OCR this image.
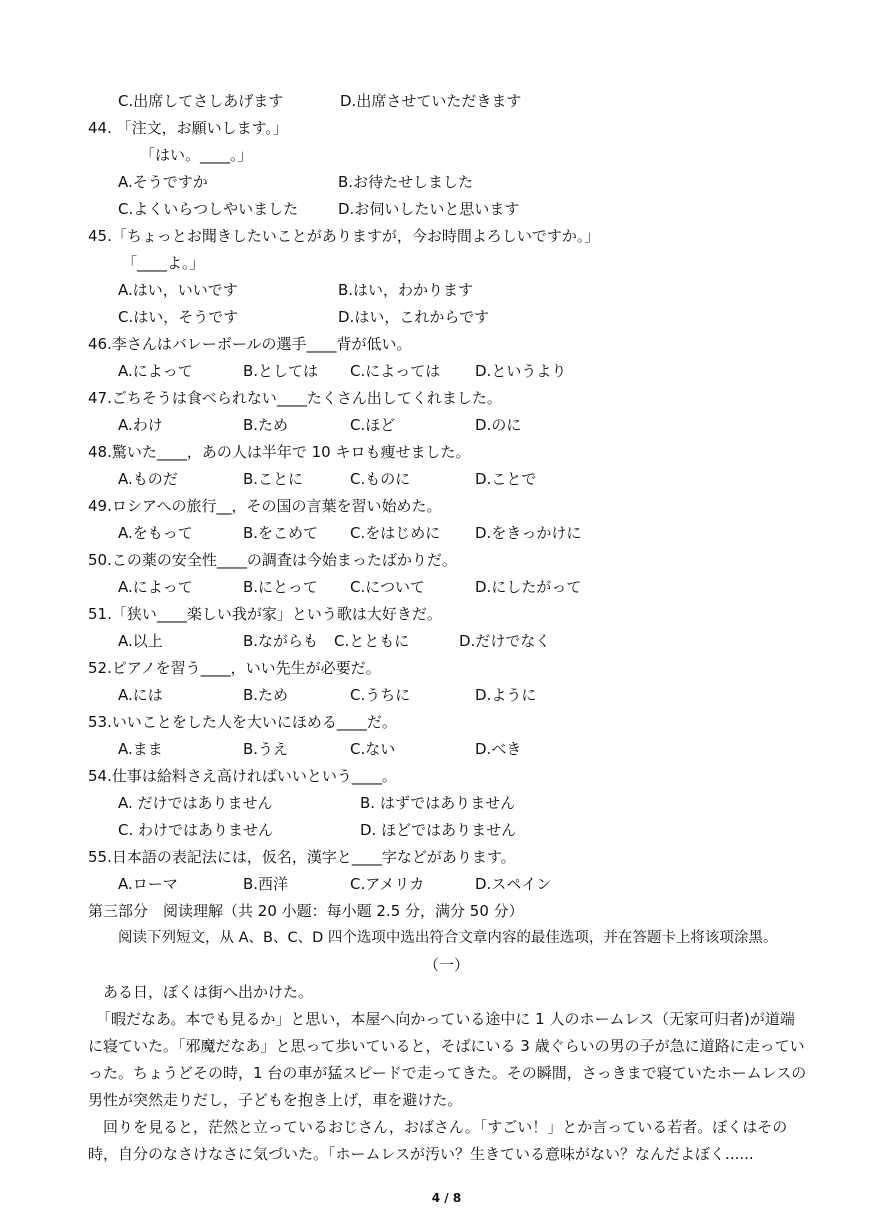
C.出席してさしあげます	D.出席させていただきます
44. 「注文，お願いします。」
「はい。____。」
A.そうですか	B.お待たせしました
C.よくいらつしやいました	D.お伺いしたいと思います
45.「ちょっとお聞きしたいことがありますが，今お時間よろしいですか。」
「____よ。」
A.はい，いいです	B.はい，わかります
C.はい，そうです	D.はい，これからです
46.李さんはバレーボールの選手____背が低い。
A.によって	B.としては C.によっては D.というより
47.ごちそうは食べられない____たくさん出してくれました。
A.わけ	B.ため	C.ほど	D.のに
48.驚いた____，あの人は半年で 10 キロも痩せました。
A.ものだ	B.ことに	C.ものに	D.ことで
49.ロシアへの旅行__，その国の言葉を習い始めた。
A.をもって	B.をこめて C.をはじめに D.をきっかけに
50.この薬の安全性____の調査は今始まったばかりだ。
A.によって	B.にとって C.について	D.にしたがって
51.「狭い____楽しい我が家」という歌は大好きだ。
A.以上	B.ながらも C.とともに	D.だけでなく
52.ピアノを習う____，いい先生が必要だ。
A.には	B.ため	C.うちに	D.ように
53.いいことをした人を大いにほめる____だ。
A.まま	B.うえ	C.ない	D.べき
54.仕事は給料さえ高ければいいという____。
A. だけではありません	B. はずではありません
C. わけではありません	D. ほどではありません
55.日本語の表記法には，仮名，漢字と____字などがあります。
A.ローマ	B.西洋	C.アメリカ	D.スペイン
第三部分　阅读理解（共 20 小题：每小题 2.5 分，满分 50 分）
阅读下列短文，从 A、B、C、D 四个选项中选出符合文章内容的最佳选项，并在答题卡上将该项涂黑。
（一）
ある日，ぼくは街へ出かけた。
「暇だなあ。本でも見るか」と思い，本屋へ向かっている途中に 1 人のホームレス（无家可归者)が道端に寝ていた。「邪魔だなあ」と思って歩いていると，そばにいる 3 歳ぐらいの男の子が急に道路に走っていった。ちょうどその時，1 台の車が猛スピードで走ってきた。その瞬間，さっきまで寝ていたホームレスの男性が突然走りだし，子どもを抱き上げ，車を避けた。
回りを見ると，茫然と立っているおじさん，おばさん。「すごい！」とか言っている若者。ぼくはその時，自分のなさけなさに気づいた。「ホームレスが汚い？生きている意味がない？なんだよぼく......
4 / 8
